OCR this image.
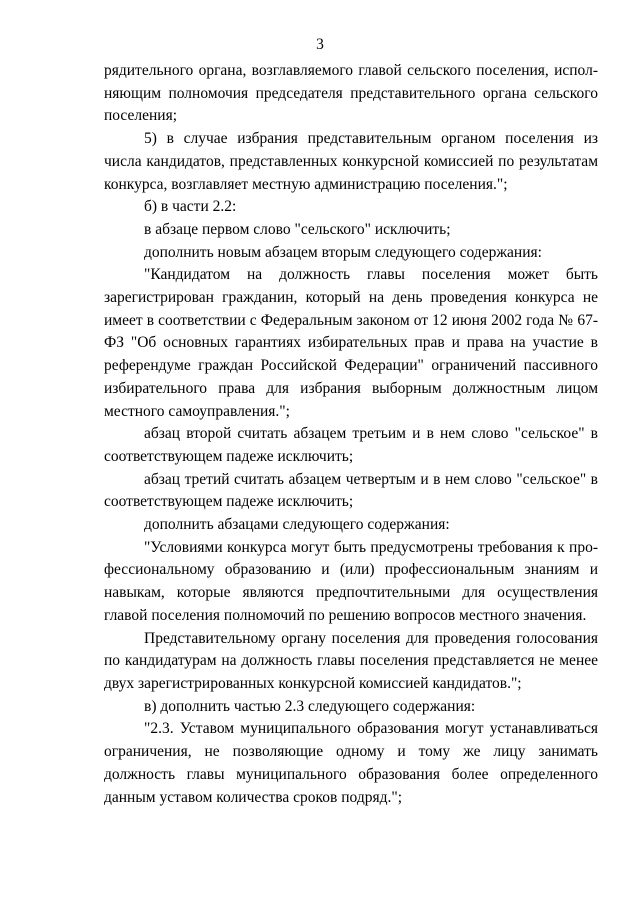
3

рядительного органа, возглавляемого главой сельского поселения, исполняющим полномочия председателя представительного органа сельского поселения;

5) в случае избрания представительным органом поселения из числа кандидатов, представленных конкурсной комиссией по результатам конкурса, возглавляет местную администрацию поселения.";

б) в части 2.2:

в абзаце первом слово "сельского" исключить;

дополнить новым абзацем вторым следующего содержания:

"Кандидатом на должность главы поселения может быть зарегистрирован гражданин, который на день проведения конкурса не имеет в соответствии с Федеральным законом от 12 июня 2002 года № 67-ФЗ "Об основных гарантиях избирательных прав и права на участие в референдуме граждан Российской Федерации" ограничений пассивного избирательного права для избрания выборным должностным лицом местного самоуправления.";

абзац второй считать абзацем третьим и в нем слово "сельское" в соответствующем падеже исключить;

абзац третий считать абзацем четвертым и в нем слово "сельское" в соответствующем падеже исключить;

дополнить абзацами следующего содержания:

"Условиями конкурса могут быть предусмотрены требования к профессиональному образованию и (или) профессиональным знаниям и навыкам, которые являются предпочтительными для осуществления главой поселения полномочий по решению вопросов местного значения.

Представительному органу поселения для проведения голосования по кандидатурам на должность главы поселения представляется не менее двух зарегистрированных конкурсной комиссией кандидатов.";

в) дополнить частью 2.3 следующего содержания:

"2.3. Уставом муниципального образования могут устанавливаться ограничения, не позволяющие одному и тому же лицу занимать должность главы муниципального образования более определенного данным уставом количества сроков подряд.";
